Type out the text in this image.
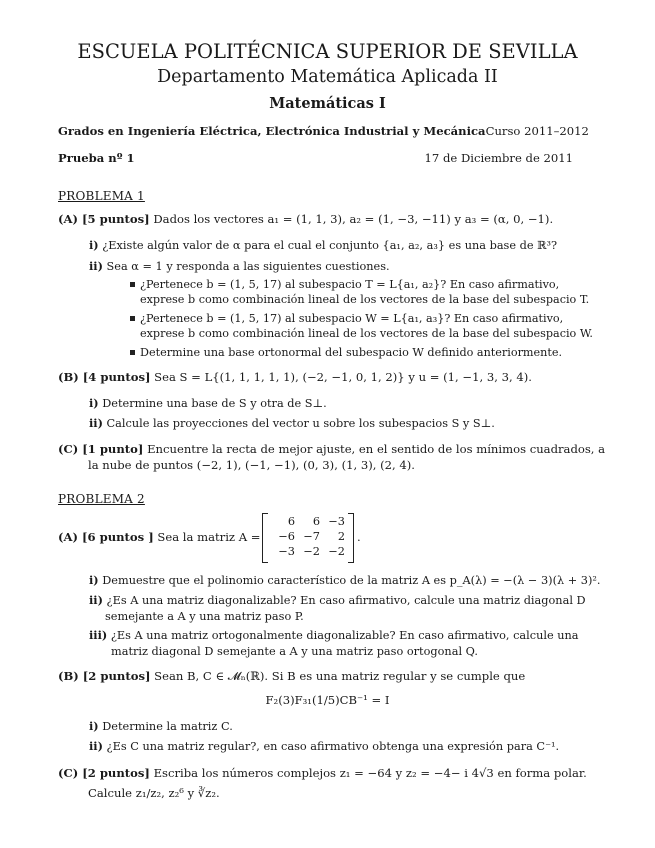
ESCUELA POLITÉCNICA SUPERIOR DE SEVILLA
Departamento Matemática Aplicada II
Matemáticas I
Grados en Ingeniería Eléctrica, Electrónica Industrial y Mecánica Curso 2011–2012
Prueba nº 1	17 de Diciembre de 2011
PROBLEMA 1
(A) [5 puntos] Dados los vectores a₁ = (1, 1, 3), a₂ = (1, −3, −11) y a₃ = (α, 0, −1).
i) ¿Existe algún valor de α para el cual el conjunto {a₁, a₂, a₃} es una base de ℝ³?
ii) Sea α = 1 y responda a las siguientes cuestiones.
¿Pertenece b = (1, 5, 17) al subespacio T = L{a₁, a₂}? En caso afirmativo,
exprese b como combinación lineal de los vectores de la base del subespacio T.
¿Pertenece b = (1, 5, 17) al subespacio W = L{a₁, a₃}? En caso afirmativo,
exprese b como combinación lineal de los vectores de la base del subespacio W.
Determine una base ortonormal del subespacio W definido anteriormente.
(B) [4 puntos] Sea S = L{(1, 1, 1, 1, 1), (−2, −1, 0, 1, 2)} y u = (1, −1, 3, 3, 4).
i) Determine una base de S y otra de S⊥.
ii) Calcule las proyecciones del vector u sobre los subespacios S y S⊥.
(C) [1 punto] Encuentre la recta de mejor ajuste, en el sentido de los mínimos cuadrados, a
la nube de puntos (−2, 1), (−1, −1), (0, 3), (1, 3), (2, 4).
PROBLEMA 2
(A) [6 puntos ] Sea la matriz A =
6	6 −3
−6 −7	2
−3 −2 −2
.
i) Demuestre que el polinomio característico de la matriz A es p_A(λ) = −(λ − 3)(λ + 3)².
ii) ¿Es A una matriz diagonalizable? En caso afirmativo, calcule una matriz diagonal D
semejante a A y una matriz paso P.
iii) ¿Es A una matriz ortogonalmente diagonalizable? En caso afirmativo, calcule una
matriz diagonal D semejante a A y una matriz paso ortogonal Q.
(B) [2 puntos] Sean B, C ∈ 𝓜ₙ(ℝ). Si B es una matriz regular y se cumple que
F₂(3)F₃₁(1/5)CB⁻¹ = I
i) Determine la matriz C.
ii) ¿Es C una matriz regular?, en caso afirmativo obtenga una expresión para C⁻¹.
(C) [2 puntos] Escriba los números complejos z₁ = −64 y z₂ = −4− i 4√3 en forma polar.
Calcule z₁/z₂, z₂⁶ y ∛z₂.
